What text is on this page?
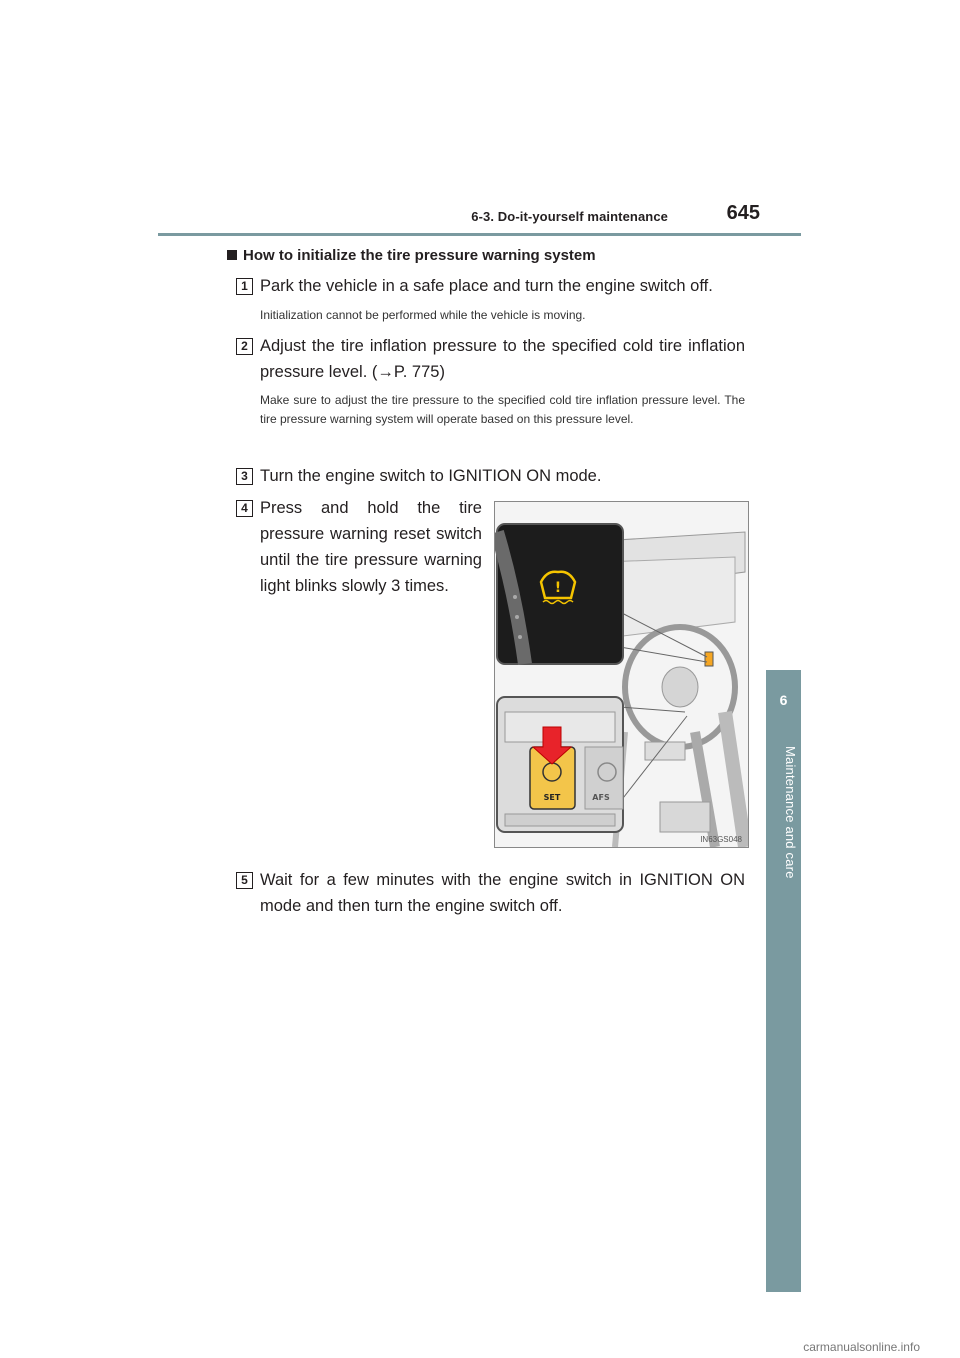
6-3. Do-it-yourself maintenance	645
6
Maintenance and care
How to initialize the tire pressure warning system
1 Park the vehicle in a safe place and turn the engine switch off.
Initialization cannot be performed while the vehicle is moving.
2 Adjust the tire inflation pressure to the specified cold tire inflation pressure level. (→P. 775)
Make sure to adjust the tire pressure to the specified cold tire inflation pressure level. The tire pressure warning system will operate based on this pressure level.
3 Turn the engine switch to IGNITION ON mode.
4 Press and hold the tire pressure warning reset switch until the tire pressure warning light blinks slowly 3 times.	!
SET	AFS
IN63GS048
5 Wait for a few minutes with the engine switch in IGNITION ON mode and then turn the engine switch off.
carmanualsonline.info
